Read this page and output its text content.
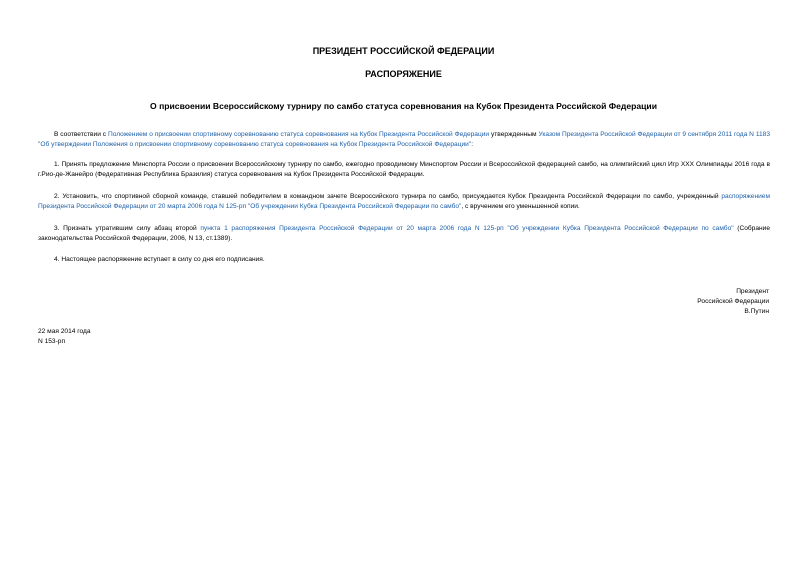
ПРЕЗИДЕНТ РОССИЙСКОЙ ФЕДЕРАЦИИ
РАСПОРЯЖЕНИЕ
О присвоении Всероссийскому турниру по самбо статуса соревнования на Кубок Президента Российской Федерации
В соответствии с Положением о присвоении спортивному соревнованию статуса соревнования на Кубок Президента Российской Федерации утвержденным Указом Президента Российской Федерации от 9 сентября 2011 года N 1183 "Об утверждении Положения о присвоении спортивному соревнованию статуса соревнования на Кубок Президента Российской Федерации":
1. Принять предложение Минспорта России о присвоении Всероссийскому турниру по самбо, ежегодно проводимому Минспортом России и Всероссийской федерацией самбо, на олимпийский цикл Игр XXX Олимпиады 2016 года в г.Рио-де-Жанейро (Федеративная Республика Бразилия) статуса соревнования на Кубок Президента Российской Федерации.
2. Установить, что спортивной сборной команде, ставшей победителем в командном зачете Всероссийского турнира по самбо, присуждается Кубок Президента Российской Федерации по самбо, учрежденный распоряжением Президента Российской Федерации от 20 марта 2006 года N 125-рп "Об учреждении Кубка Президента Российской Федерации по самбо", с вручением его уменьшенной копии.
3. Признать утратившим силу абзац второй пункта 1 распоряжения Президента Российской Федерации от 20 марта 2006 года N 125-рп "Об учреждении Кубка Президента Российской Федерации по самбо" (Собрание законодательства Российской Федерации, 2006, N 13, ст.1389).
4. Настоящее распоряжение вступает в силу со дня его подписания.
Президент
Российской Федерации
В.Путин
22 мая 2014 года
N 153-рп
